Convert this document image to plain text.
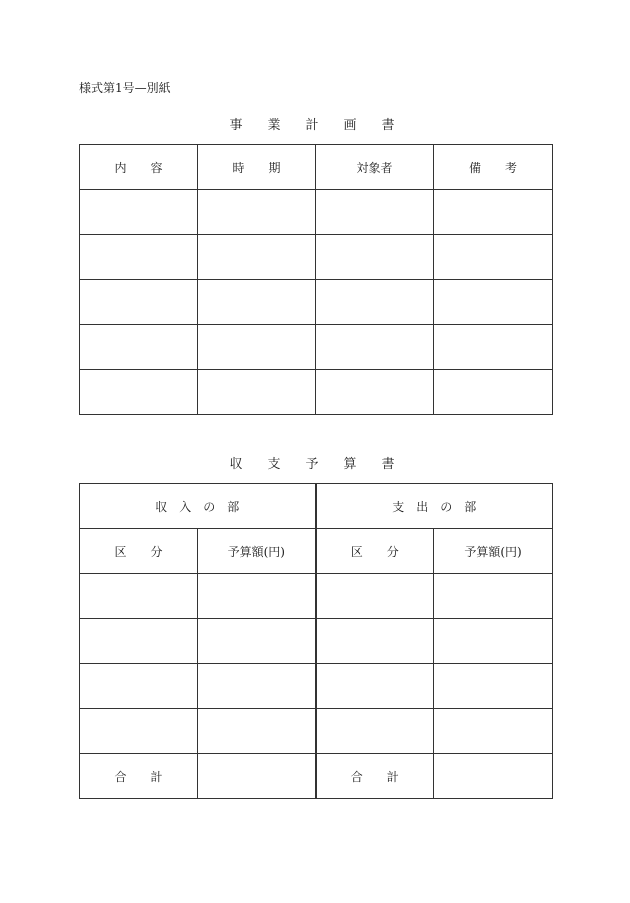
様式第1号—別紙
事　業　計　画　書
内　　容	時　　期	対象者	備　　考

収　支　予　算　書
収　入　の　部		支　出　の　部	
区　　分	予算額(円)	区　　分	予算額(円)

合　　計		合　　計	
